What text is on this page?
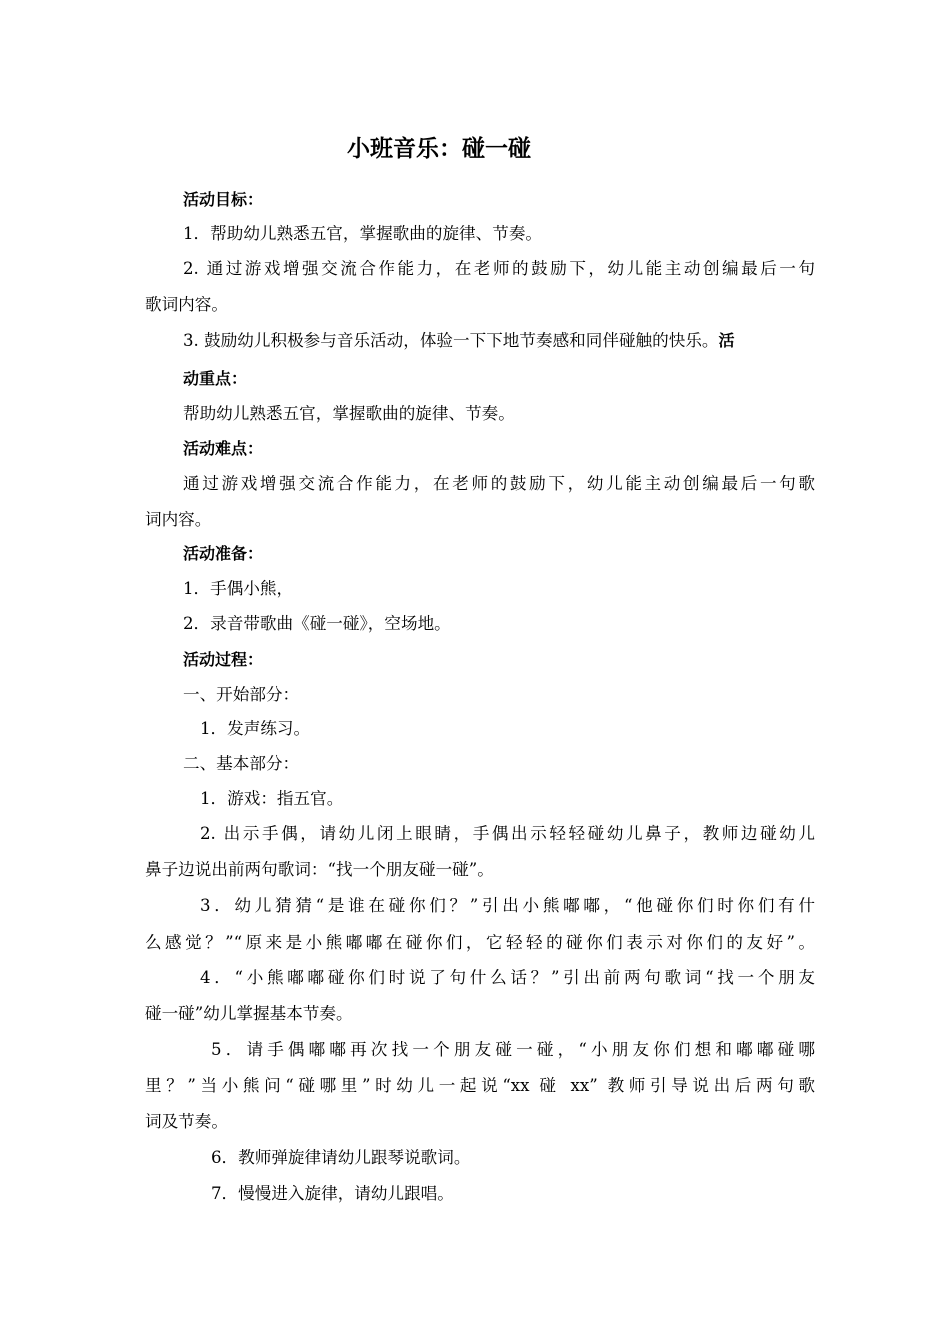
小班音乐：碰一碰
活动目标：
1．帮助幼儿熟悉五官，掌握歌曲的旋律、节奏。
2. 通过游戏增强交流合作能力，在老师的鼓励下，幼儿能主动创编最后一句
歌词内容。
3. 鼓励幼儿积极参与音乐活动，体验一下下地节奏感和同伴碰触的快乐。活
动重点：
帮助幼儿熟悉五官，掌握歌曲的旋律、节奏。
活动难点：
通过游戏增强交流合作能力，在老师的鼓励下，幼儿能主动创编最后一句歌
词内容。
活动准备：
1．手偶小熊，
2．录音带歌曲《碰一碰》，空场地。
活动过程：
一、开始部分：
1．发声练习。
二、基本部分：
1．游戏：指五官。
2. 出示手偶，请幼儿闭上眼睛，手偶出示轻轻碰幼儿鼻子，教师边碰幼儿
鼻子边说出前两句歌词：“找一个朋友碰一碰”。
3．幼儿猜猜“是谁在碰你们？”引出小熊嘟嘟，“他碰你们时你们有什
么感觉？”“原来是小熊嘟嘟在碰你们，它轻轻的碰你们表示对你们的友好”。
4．“小熊嘟嘟碰你们时说了句什么话？”引出前两句歌词“找一个朋友
碰一碰”幼儿掌握基本节奏。
5．请手偶嘟嘟再次找一个朋友碰一碰，“小朋友你们想和嘟嘟碰哪
里？”当小熊问“碰哪里”时幼儿一起说“xx 碰 xx” 教师引导说出后两句歌
词及节奏。
6．教师弹旋律请幼儿跟琴说歌词。
7．慢慢进入旋律，请幼儿跟唱。
